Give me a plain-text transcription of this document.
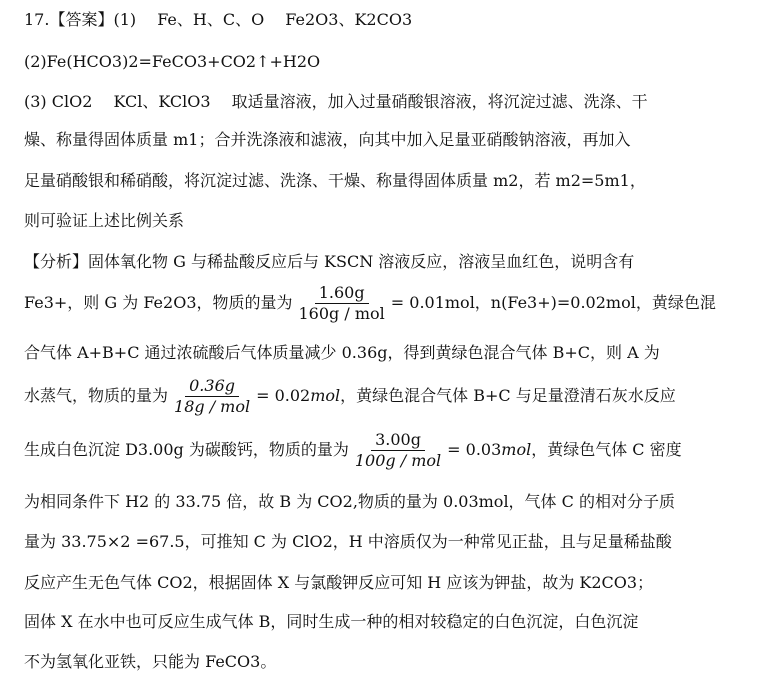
17.【答案】(1)　 Fe、H、C、O　 Fe2O3、K2CO3
(2)Fe(HCO3)2=FeCO3+CO2↑+H2O
(3) ClO2　 KCl、KClO3　 取适量溶液，加入过量硝酸银溶液，将沉淀过滤、洗涤、干
燥、称量得固体质量 m1；合并洗涤液和滤液，向其中加入足量亚硝酸钠溶液，再加入
足量硝酸银和稀硝酸，将沉淀过滤、洗涤、干燥、称量得固体质量 m2，若 m2=5m1，
则可验证上述比例关系
【分析】固体氧化物 G 与稀盐酸反应后与 KSCN 溶液反应，溶液呈血红色，说明含有
Fe3+，则 G 为 Fe2O3，物质的量为 $\frac{1.60g}{\text{160g / mol}} = 0.01mol$，n(Fe3+)=0.02mol，黄绿色混
合气体 A+B+C 通过浓硫酸后气体质量减少 0.36g，得到黄绿色混合气体 B+C，则 A 为
水蒸气，物质的量为 $\frac{0.36g}{\text{18g / mol}} = 0.02mol$，黄绿色混合气体 B+C 与足量澄清石灰水反应
生成白色沉淀 D3.00g 为碳酸钙，物质的量为 $\frac{3.00g}{\text{100g / mol}} = 0.03mol$，黄绿色气体 C 密度
为相同条件下 H2 的 33.75 倍，故 B 为 CO2,物质的量为 0.03mol，气体 C 的相对分子质
量为 33.75×2 =67.5，可推知 C 为 ClO2，H 中溶质仅为一种常见正盐，且与足量稀盐酸
反应产生无色气体 CO2，根据固体 X 与氯酸钾反应可知 H 应该为钾盐，故为 K2CO3；
固体 X 在水中也可反应生成气体 B，同时生成一种的相对较稳定的白色沉淀，白色沉淀
不为氢氧化亚铁，只能为 FeCO3。
